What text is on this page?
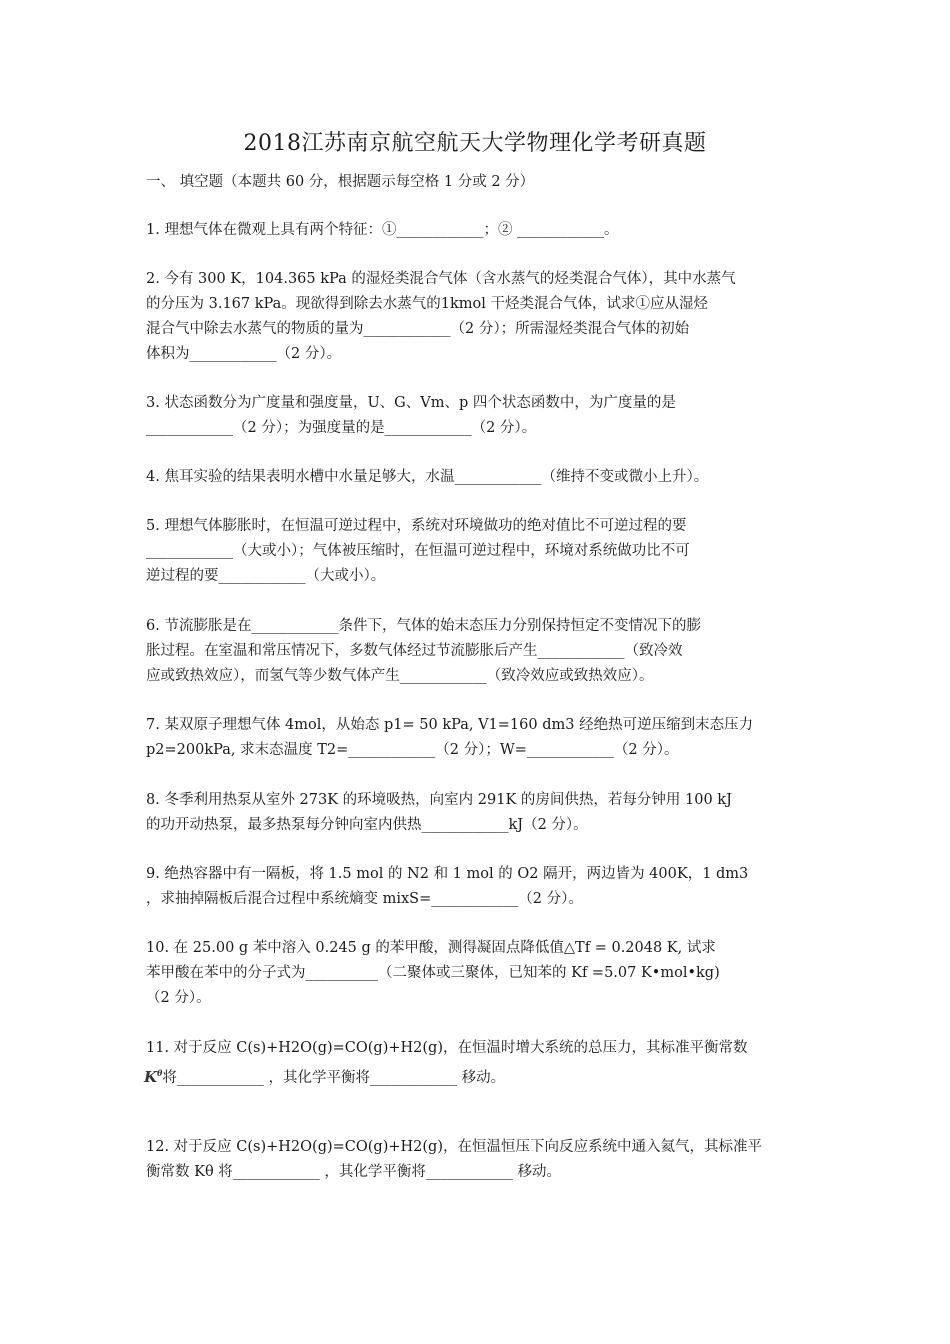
2018江苏南京航空航天大学物理化学考研真题
一、 填空题（本题共 60 分，根据题示每空格 1 分或 2 分）
1. 理想气体在微观上具有两个特征：①____________；② ____________。
2. 今有 300 K，104.365 kPa 的湿烃类混合气体（含水蒸气的烃类混合气体），其中水蒸气
的分压为 3.167 kPa。现欲得到除去水蒸气的1kmol 干烃类混合气体，试求①应从湿烃
混合气中除去水蒸气的物质的量为____________（2 分）；所需湿烃类混合气体的初始
体积为____________（2 分）。
3. 状态函数分为广度量和强度量，U、G、Vm、p 四个状态函数中，为广度量的是
____________（2 分）；为强度量的是____________（2 分）。
4. 焦耳实验的结果表明水槽中水量足够大，水温____________（维持不变或微小上升）。
5. 理想气体膨胀时，在恒温可逆过程中，系统对环境做功的绝对值比不可逆过程的要
____________（大或小）；气体被压缩时，在恒温可逆过程中，环境对系统做功比不可
逆过程的要____________（大或小）。
6. 节流膨胀是在____________条件下，气体的始末态压力分别保持恒定不变情况下的膨
胀过程。在室温和常压情况下，多数气体经过节流膨胀后产生____________（致冷效
应或致热效应），而氢气等少数气体产生____________（致冷效应或致热效应）。
7. 某双原子理想气体 4mol，从始态 p1= 50 kPa, V1=160 dm3 经绝热可逆压缩到末态压力
p2=200kPa, 求末态温度 T2=____________（2 分）；W=____________（2 分）。
8. 冬季利用热泵从室外 273K 的环境吸热，向室内 291K 的房间供热，若每分钟用 100 kJ
的功开动热泵，最多热泵每分钟向室内供热____________kJ（2 分）。
9. 绝热容器中有一隔板，将 1.5 mol 的 N2 和 1 mol 的 O2 隔开，两边皆为 400K，1 dm3
，求抽掉隔板后混合过程中系统熵变 mixS=____________（2 分）。
10. 在 25.00 g 苯中溶入 0.245 g 的苯甲酸，测得凝固点降低值△Tf = 0.2048 K, 试求
苯甲酸在苯中的分子式为__________（二聚体或三聚体，已知苯的 Kf =5.07 K•mol•kg)
（2 分）。
11. 对于反应 C(s)+H2O(g)=CO(g)+H2(g)，在恒温时增大系统的总压力，其标准平衡常数
$K^\theta$将____________ ，其化学平衡将____________ 移动。
12. 对于反应 C(s)+H2O(g)=CO(g)+H2(g)，在恒温恒压下向反应系统中通入氦气，其标准平
衡常数 Kθ 将____________ ，其化学平衡将____________ 移动。
